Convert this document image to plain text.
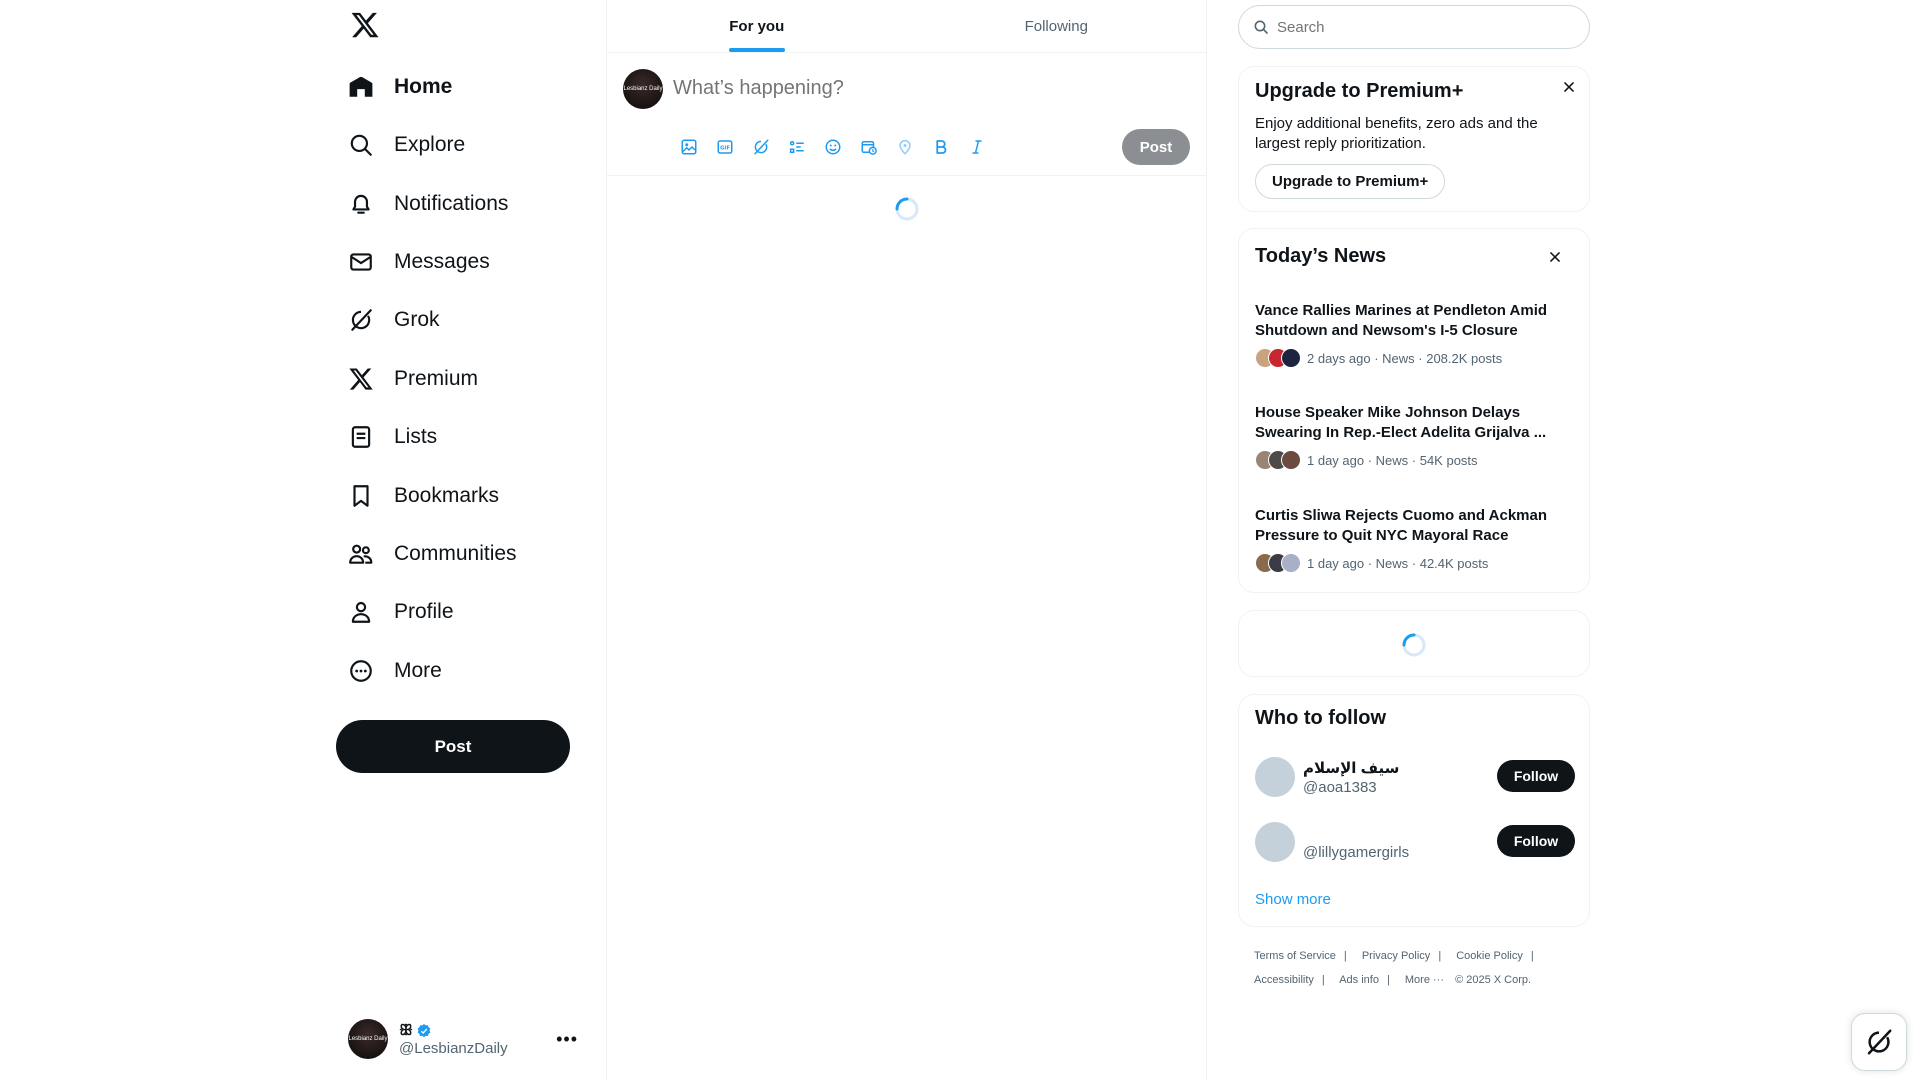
Home
Explore
Notifications
Messages
Grok
Premium
Lists
Bookmarks
Communities
Profile
More
Post
Lesbianz Daily ꕥ
@LesbianzDaily	•••
For you	Following
Lesbianz Daily
What’s happening?
GIF	Post
Search
Upgrade to Premium+
Enjoy additional benefits, zero ads and the largest reply prioritization.
Upgrade to Premium+
Today’s News
Vance Rallies Marines at Pendleton Amid Shutdown and Newsom's I-5 Closure
2 days ago · News · 208.2K posts
House Speaker Mike Johnson Delays Swearing In Rep.-Elect Adelita Grijalva ...
1 day ago · News · 54K posts
Curtis Sliwa Rejects Cuomo and Ackman Pressure to Quit NYC Mayoral Race
1 day ago · News · 42.4K posts
Who to follow
سيف الإسلام
@aoa1383
Follow
@lillygamergirls
Follow
Show more
Terms of Service | Privacy Policy | Cookie Policy |
Accessibility | Ads info | More ··· © 2025 X Corp.
